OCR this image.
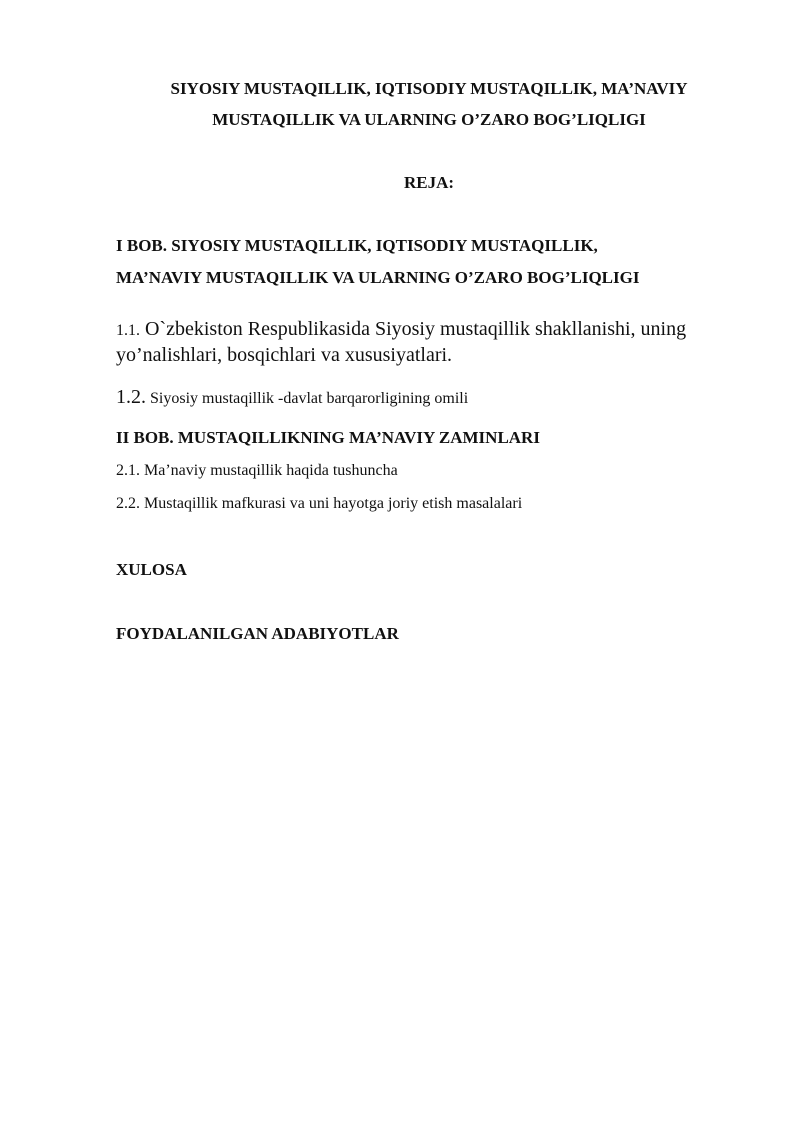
SIYOSIY MUSTAQILLIK, IQTISODIY MUSTAQILLIK, MA’NAVIY
MUSTAQILLIK VA ULARNING O’ZARO BOG’LIQLIGI
REJA:
I BOB. SIYOSIY MUSTAQILLIK, IQTISODIY MUSTAQILLIK,
MA’NAVIY MUSTAQILLIK VA ULARNING O’ZARO BOG’LIQLIGI

1.1. O`zbekiston Respublikasida Siyosiy mustaqillik shakllanishi, uning yo’nalishlari, bosqichlari va xususiyatlari.

1.2. Siyosiy mustaqillik -davlat barqarorligining omili

II BOB. MUSTAQILLIKNING MA’NAVIY ZAMINLARI

2.1. Ma’naviy mustaqillik haqida tushuncha

2.2. Mustaqillik mafkurasi va uni hayotga joriy etish masalalari

XULOSA
FOYDALANILGAN ADABIYOTLAR
